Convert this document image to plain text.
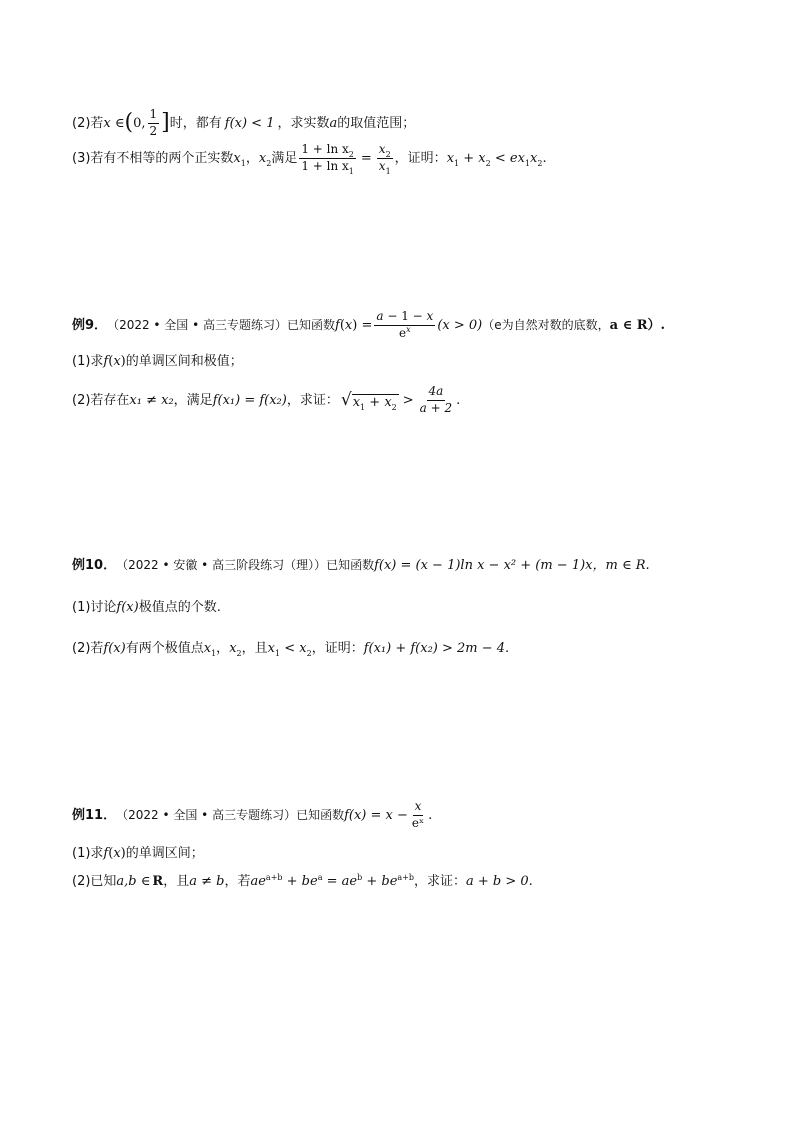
(2)若 x ∈ ( 0, $\frac{1}{2}$ ] 时，都有 f(x) < 1 ，求实数 a 的取值范围；
(3)若有不相等的两个正实数 $x_1$ ， $x_2$ 满足 $\frac{1 + \ln x_2}{1 + \ln x_1} = \frac{x_2}{x_1}$ ，证明： $x_1 + x_2 < ex_1x_2$ .
例9 ． （2022 • 全国 • 高三专题练习）已知函数 $f(x) = \frac{a - 1 - x}{e^x} (x > 0)$ （e为自然对数的底数， a ∈ R）.
(1)求 f(x) 的单调区间和极值；
(2)若存在 x₁ ≠ x₂ ，满足 f(x₁) = f(x₂) ，求证： √ $x_1 + x_2 > \frac{4a}{a + 2}$ .
例10 ． （2022 • 安徽 • 高三阶段练习（理））已知函数 f(x) = (x − 1)ln x − x² + (m − 1)x ，m ∈ R.
(1)讨论 f(x) 极值点的个数.
(2)若 f(x) 有两个极值点 $x_1$ ， $x_2$ ，且 $x_1 < x_2$ ，证明： f(x₁) + f(x₂) > 2m − 4 .
例11 ． （2022 • 全国 • 高三专题练习）已知函数 $f(x) = x - \frac{x}{\text{eˣ}}$ .
(1)求 f(x) 的单调区间；
(2)已知 a,b ∈ R ，且 a ≠ b ，若 $ae^{a+b} + be^a = ae^b + be^{a+b}$ ，求证： a + b > 0.
